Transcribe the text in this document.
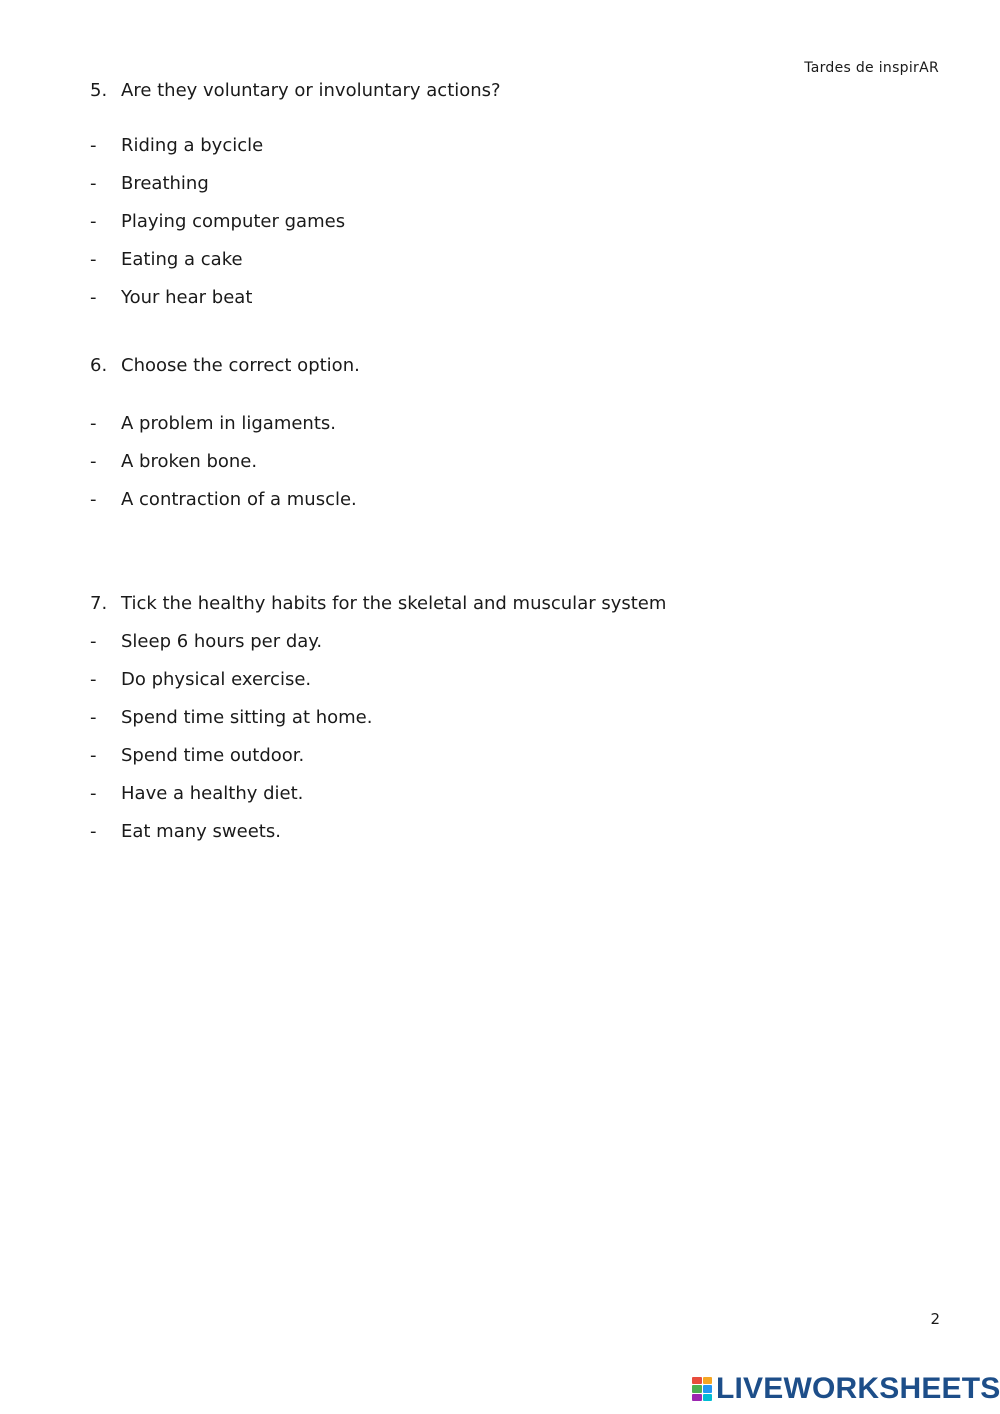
Tardes de inspirAR
5. Are they voluntary or involuntary actions?
- Riding a bycicle
- Breathing
- Playing computer games
- Eating a cake
- Your hear beat
6. Choose the correct option.
- A problem in ligaments.
- A broken bone.
- A contraction of a muscle.
7. Tick the healthy habits for the skeletal and muscular system
- Sleep 6 hours per day.
- Do physical exercise.
- Spend time sitting at home.
- Spend time outdoor.
- Have a healthy diet.
- Eat many sweets.
2
LIVEWORKSHEETS
